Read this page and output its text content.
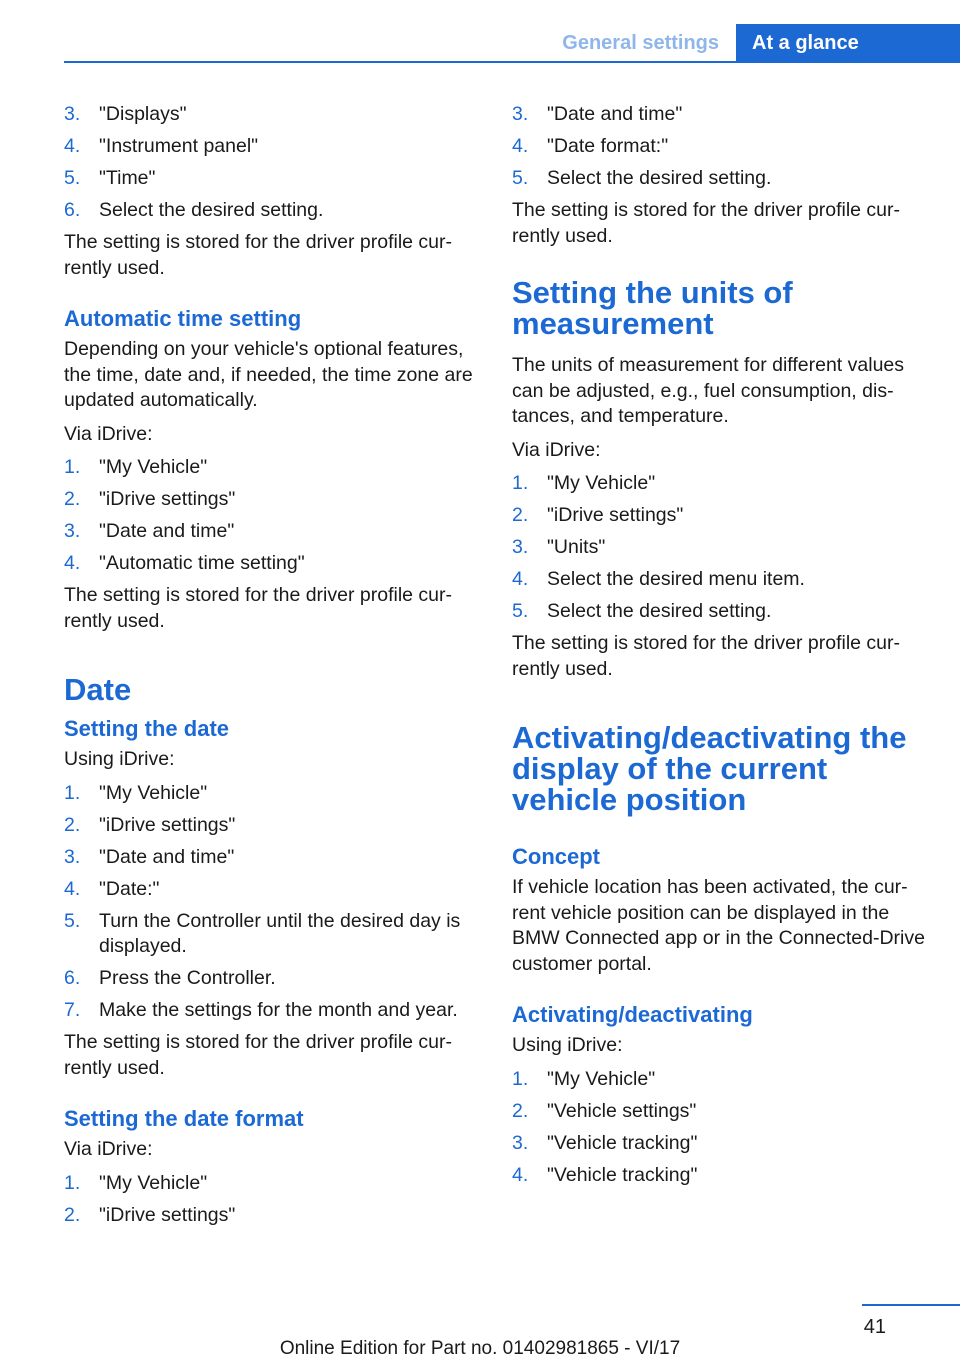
General settings	At a glance
3. "Displays"
4. "Instrument panel"
5. "Time"
6. Select the desired setting.

The setting is stored for the driver profile cur‐rently used.

Automatic time setting

Depending on your vehicle's optional features, the time, date and, if needed, the time zone are updated automatically.

Via iDrive:

1. "My Vehicle"
2. "iDrive settings"
3. "Date and time"
4. "Automatic time setting"

The setting is stored for the driver profile cur‐rently used.

Date
Setting the date

Using iDrive:

1. "My Vehicle"
2. "iDrive settings"
3. "Date and time"
4. "Date:"
5. Turn the Controller until the desired day is displayed.
6. Press the Controller.
7. Make the settings for the month and year.

The setting is stored for the driver profile cur‐rently used.

Setting the date format

Via iDrive:

1. "My Vehicle"
2. "iDrive settings"
3. "Date and time"
4. "Date format:"
5. Select the desired setting.

The setting is stored for the driver profile cur‐rently used.

Setting the units of measurement

The units of measurement for different values can be adjusted, e.g., fuel consumption, dis‐tances, and temperature.

Via iDrive:

1. "My Vehicle"
2. "iDrive settings"
3. "Units"
4. Select the desired menu item.
5. Select the desired setting.

The setting is stored for the driver profile cur‐rently used.

Activating/deactivating the display of the current vehicle position
Concept

If vehicle location has been activated, the cur‐rent vehicle position can be displayed in the BMW Connected app or in the Connected‐Drive customer portal.

Activating/deactivating

Using iDrive:

1. "My Vehicle"
2. "Vehicle settings"
3. "Vehicle tracking"
4. "Vehicle tracking"
41
Online Edition for Part no. 01402981865 - VI/17
